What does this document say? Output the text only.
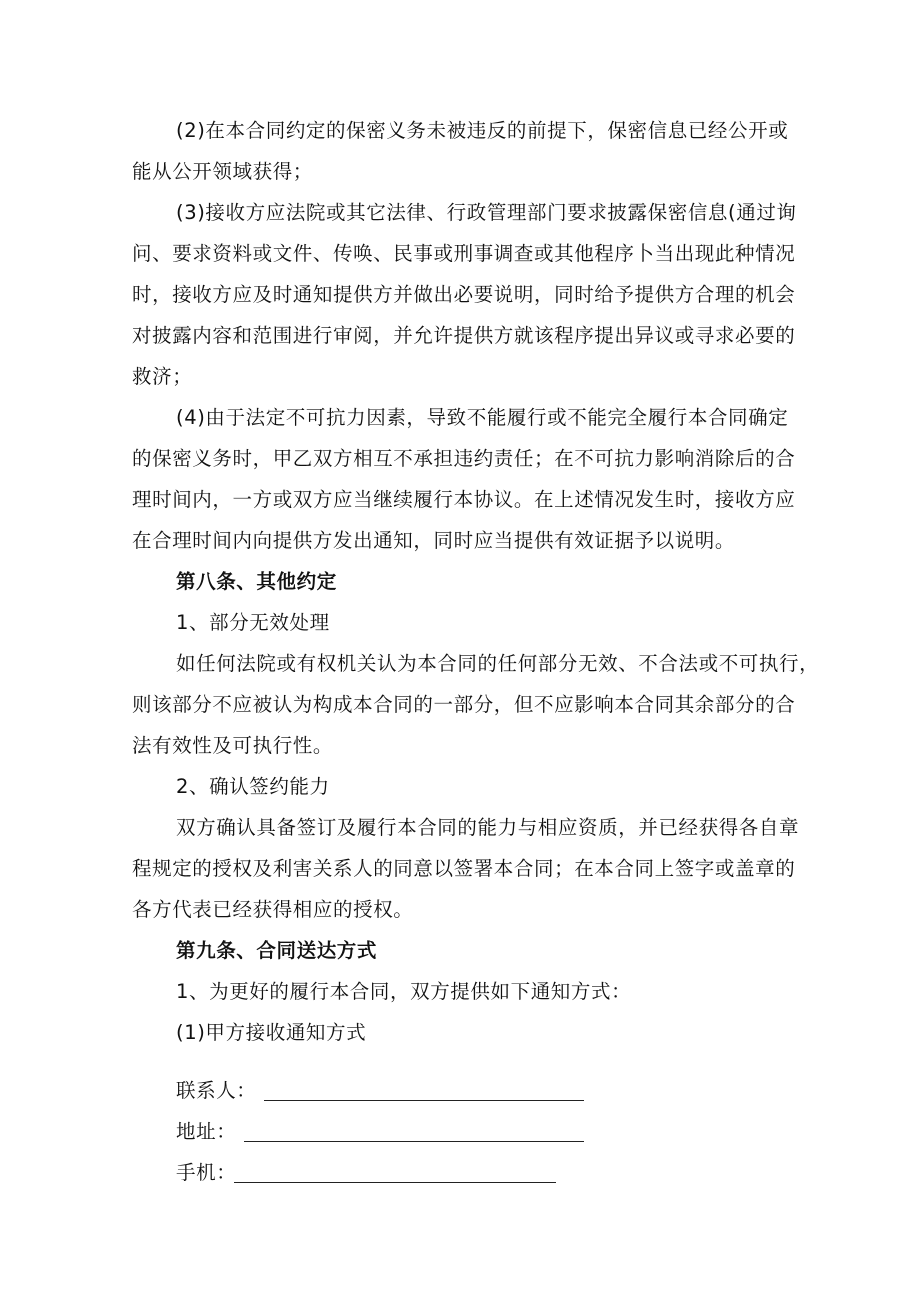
(2)在本合同约定的保密义务未被违反的前提下，保密信息已经公开或
能从公开领域获得；
(3)接收方应法院或其它法律、行政管理部门要求披露保密信息(通过询
问、要求资料或文件、传唤、民事或刑事调查或其他程序卜当出现此种情况
时，接收方应及时通知提供方并做出必要说明，同时给予提供方合理的机会
对披露内容和范围进行审阅，并允许提供方就该程序提出异议或寻求必要的
救济；
(4)由于法定不可抗力因素，导致不能履行或不能完全履行本合同确定
的保密义务时，甲乙双方相互不承担违约责任；在不可抗力影响消除后的合
理时间内，一方或双方应当继续履行本协议。在上述情况发生时，接收方应
在合理时间内向提供方发出通知，同时应当提供有效证据予以说明。
第八条、其他约定
1、部分无效处理
如任何法院或有权机关认为本合同的任何部分无效、不合法或不可执行，
则该部分不应被认为构成本合同的一部分，但不应影响本合同其余部分的合
法有效性及可执行性。
2、确认签约能力
双方确认具备签订及履行本合同的能力与相应资质，并已经获得各自章
程规定的授权及利害关系人的同意以签署本合同；在本合同上签字或盖章的
各方代表已经获得相应的授权。
第九条、合同送达方式
1、为更好的履行本合同，双方提供如下通知方式：
(1)甲方接收通知方式
联系人：
地址：
手机：
